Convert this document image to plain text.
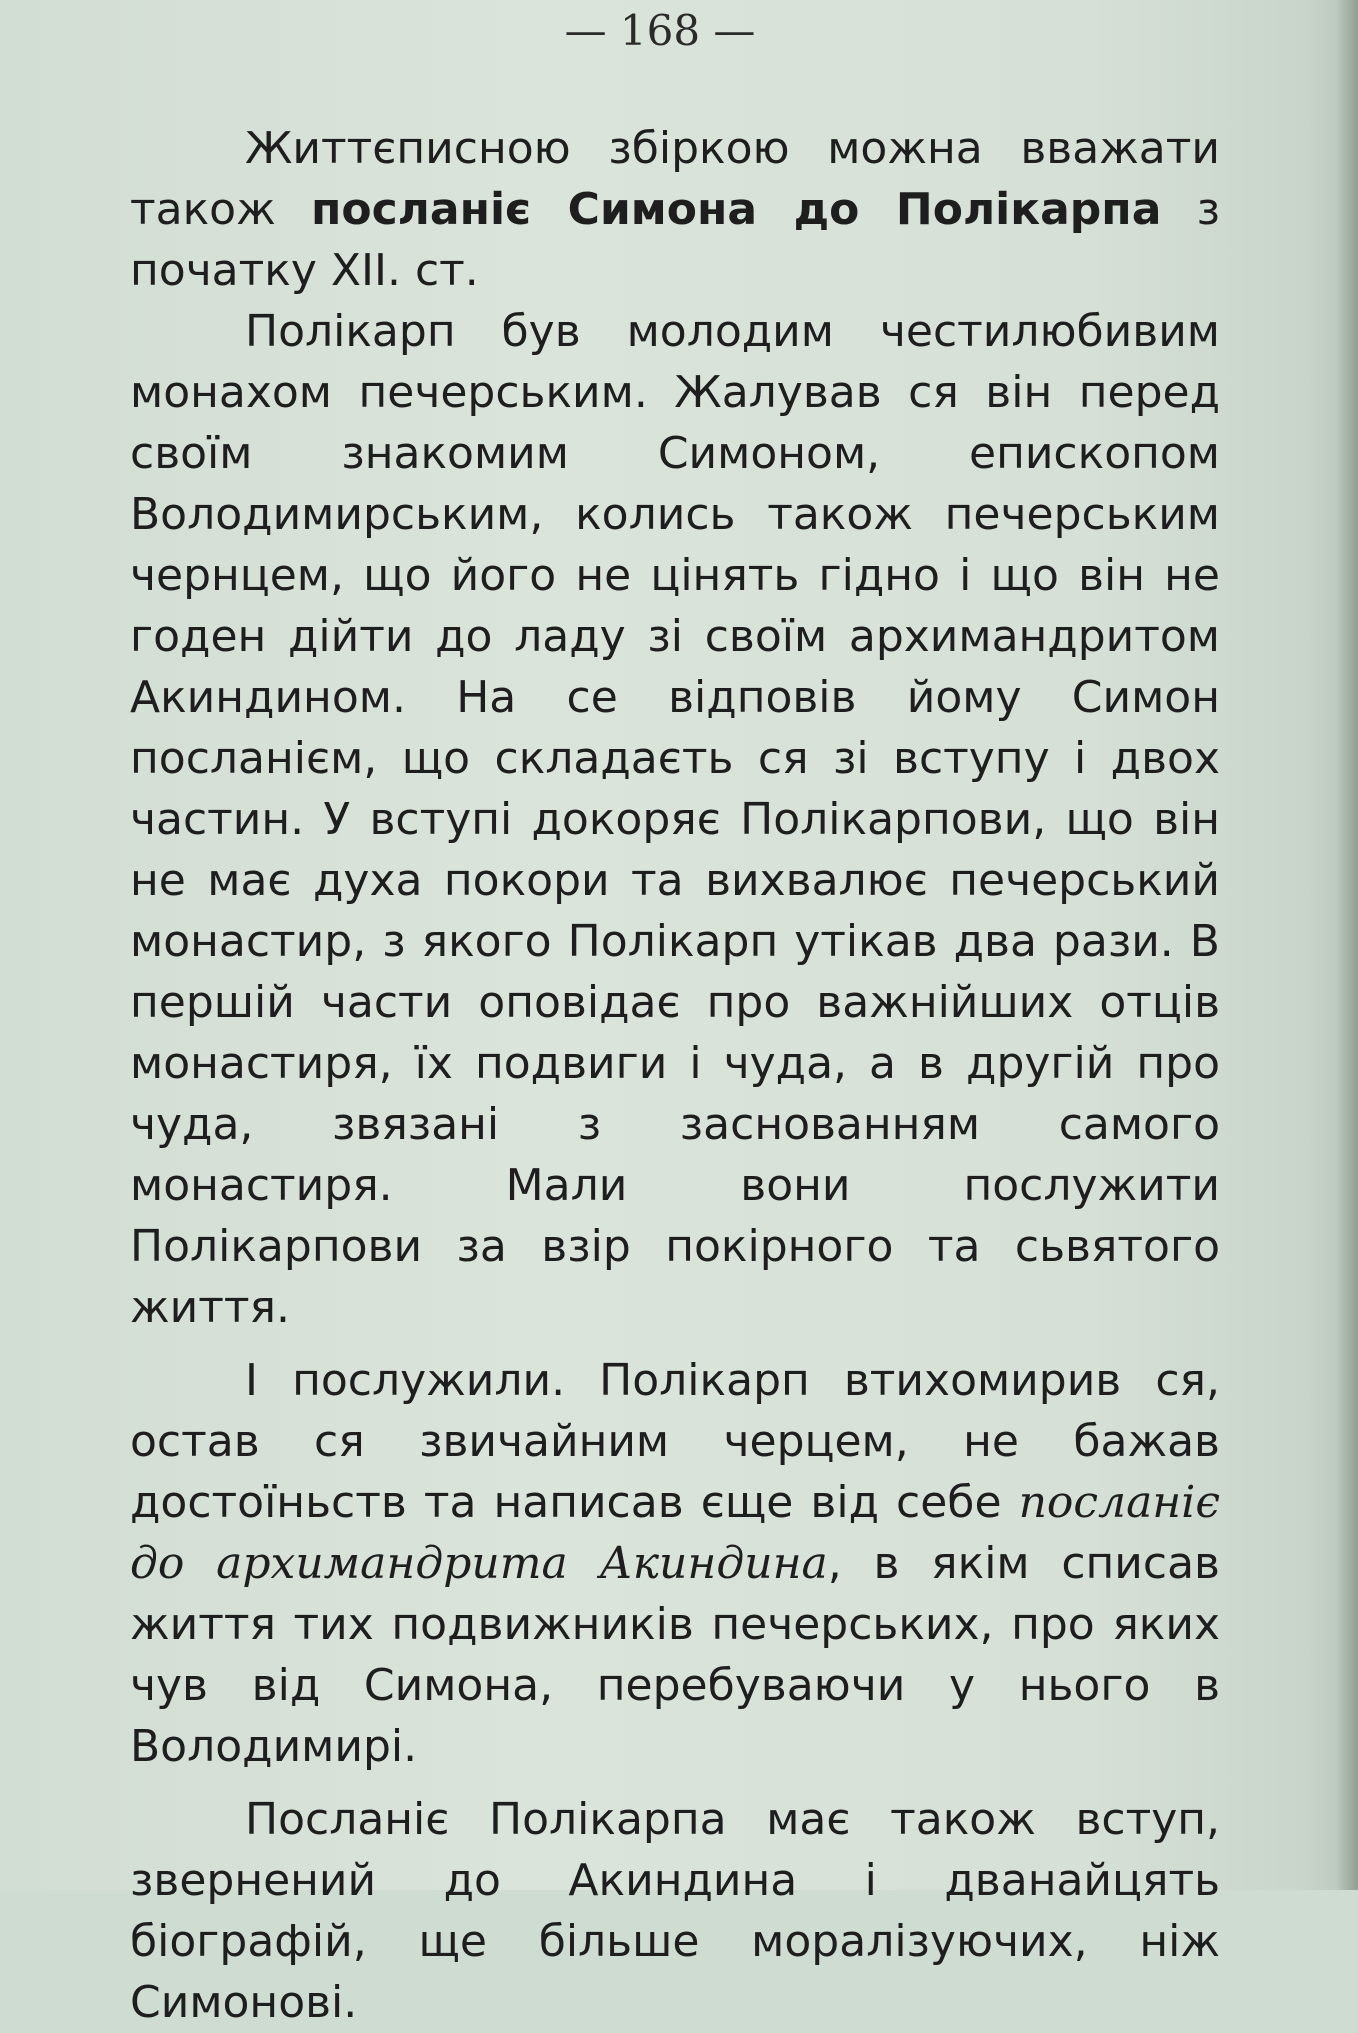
— 168 —

Життєписною збіркою можна вважати також посланіє Симона до Полікарпа з початку XII. ст.

Полікарп був молодим честилюбивим монахом печерським. Жалував ся він перед своїм знакомим Симоном, епископом Володимирським, колись також печерським чернцем, що його не цінять гідно і що він не годен дійти до ладу зі своїм архимандритом Акиндином. На се відповів йому Симон посланієм, що складаєть ся зі вступу і двох частин. У вступі докоряє Полікарпови, що він не має духа покори та вихвалює печерський монастир, з якого Полікарп утікав два рази. В першій части оповідає про важнійших отців монастиря, їх подвиги і чуда, а в другій про чуда, звязані з заснованням самого монастиря. Мали вони послужити Полікарпови за взір покірного та сьвятого життя.

І послужили. Полікарп втихомирив ся, остав ся звичайним черцем, не бажав достоїньств та написав єще від себе посланіє до архимандрита Акиндина, в якім списав життя тих подвижників печерських, про яких чув від Симона, перебуваючи у нього в Володимирі.

Посланіє Полікарпа має також вступ, звернений до Акиндина і дванайцять біографій, ще більше моралізуючих, ніж Симонові.
